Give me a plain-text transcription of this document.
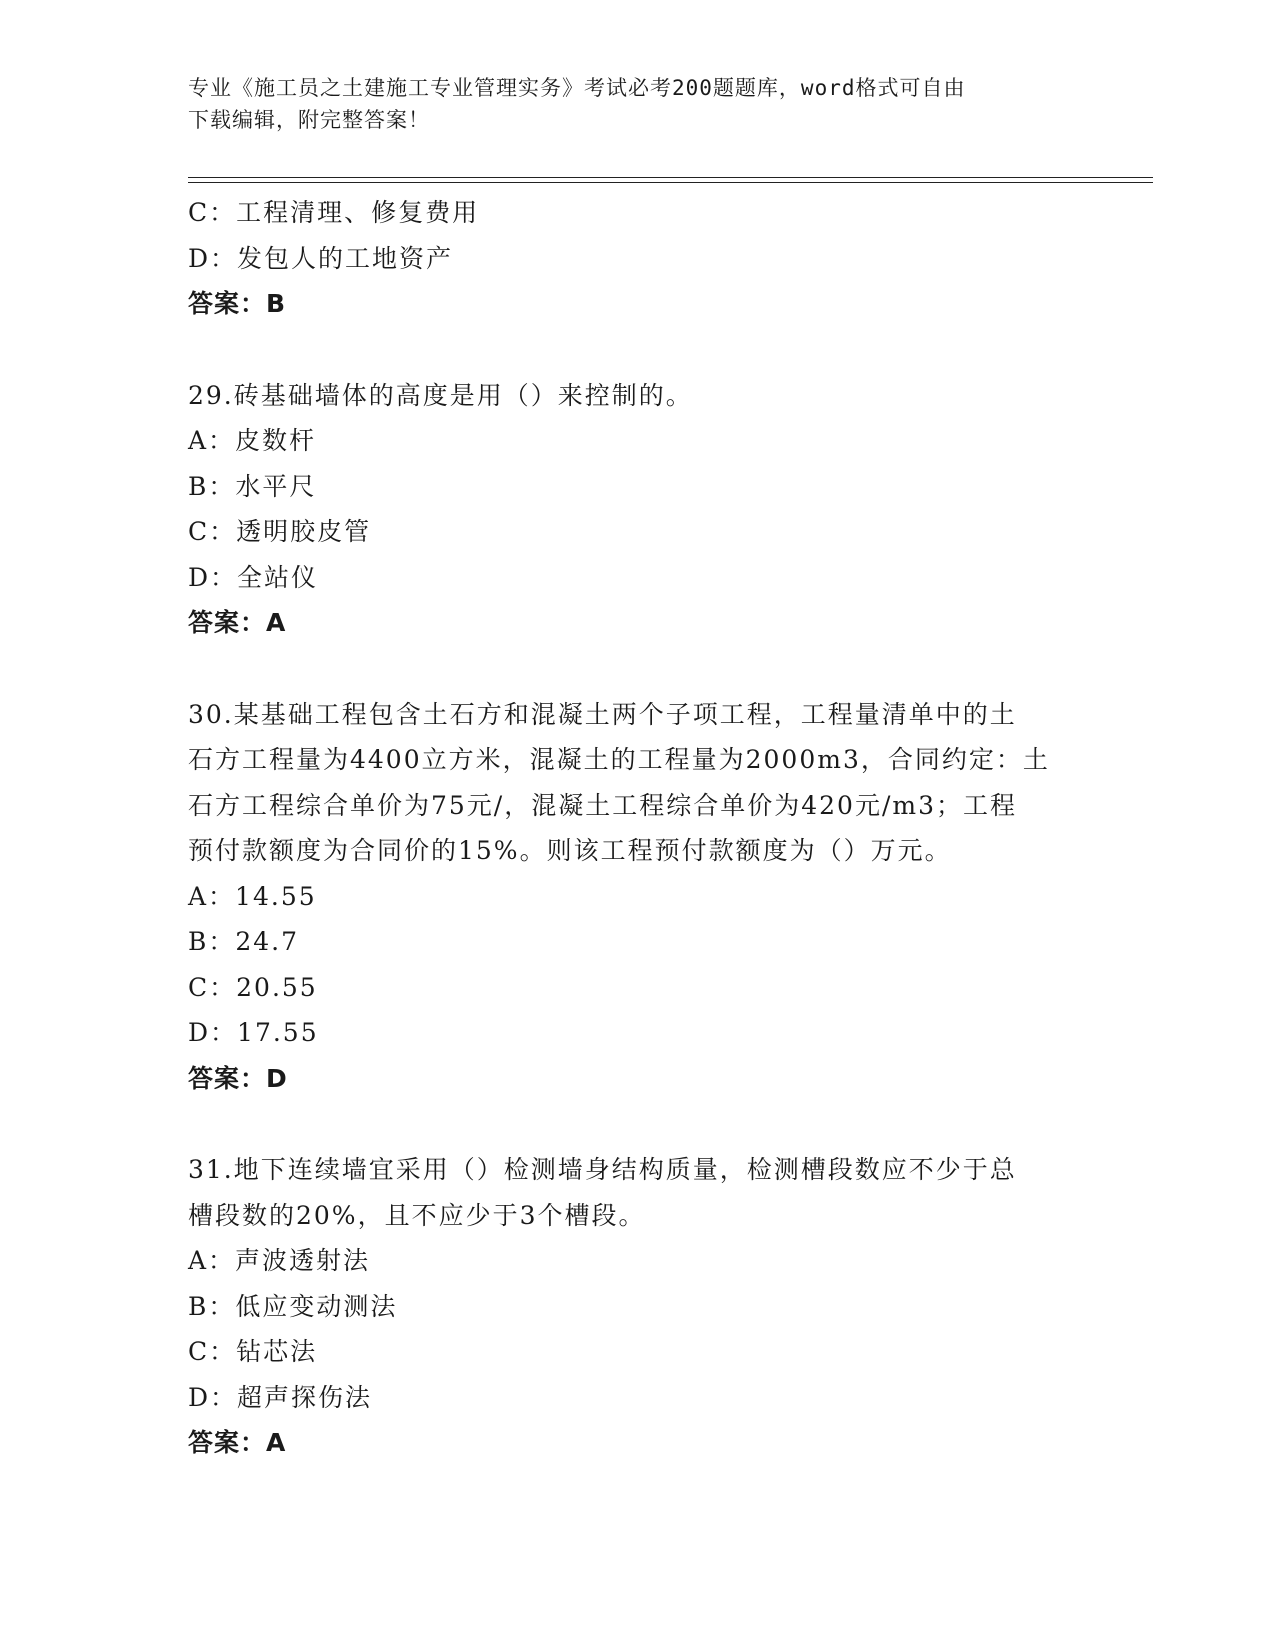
专业《施工员之土建施工专业管理实务》考试必考200题题库，word格式可自由
下载编辑，附完整答案！
C：工程清理、修复费用
D：发包人的工地资产
答案：B
29.砖基础墙体的高度是用（）来控制的。
A：皮数杆
B：水平尺
C：透明胶皮管
D：全站仪
答案：A
30.某基础工程包含土石方和混凝土两个子项工程，工程量清单中的土
石方工程量为4400立方米，混凝土的工程量为2000m3，合同约定：土
石方工程综合单价为75元/，混凝土工程综合单价为420元/m3；工程
预付款额度为合同价的15%。则该工程预付款额度为（）万元。
A：14.55
B：24.7
C：20.55
D：17.55
答案：D
31.地下连续墙宜采用（）检测墙身结构质量，检测槽段数应不少于总
槽段数的20%，且不应少于3个槽段。
A：声波透射法
B：低应变动测法
C：钻芯法
D：超声探伤法
答案：A
